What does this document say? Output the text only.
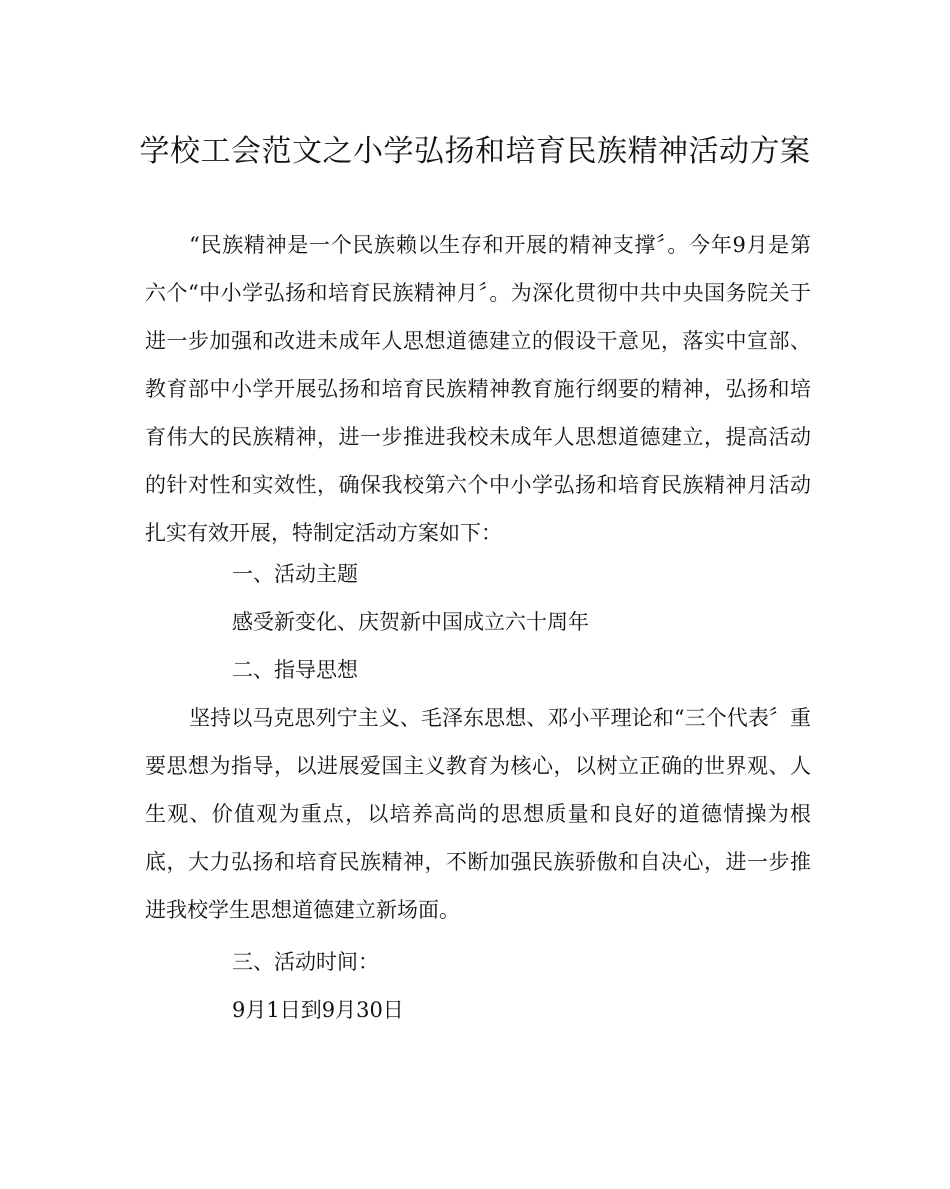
学校工会范文之小学弘扬和培育民族精神活动方案

“民族精神是一个民族赖以生存和开展的精神支撑〞。今年9月是第六个“中小学弘扬和培育民族精神月〞。为深化贯彻中共中央国务院关于进一步加强和改进未成年人思想道德建立的假设干意见，落实中宣部、教育部中小学开展弘扬和培育民族精神教育施行纲要的精神，弘扬和培育伟大的民族精神，进一步推进我校未成年人思想道德建立，提高活动的针对性和实效性，确保我校第六个中小学弘扬和培育民族精神月活动扎实有效开展，特制定活动方案如下：

一、活动主题

感受新变化、庆贺新中国成立六十周年

二、指导思想

坚持以马克思列宁主义、毛泽东思想、邓小平理论和“三个代表〞重要思想为指导，以进展爱国主义教育为核心，以树立正确的世界观、人生观、价值观为重点，以培养高尚的思想质量和良好的道德情操为根底，大力弘扬和培育民族精神，不断加强民族骄傲和自决心，进一步推进我校学生思想道德建立新场面。

三、活动时间：

9月1日到9月30日
